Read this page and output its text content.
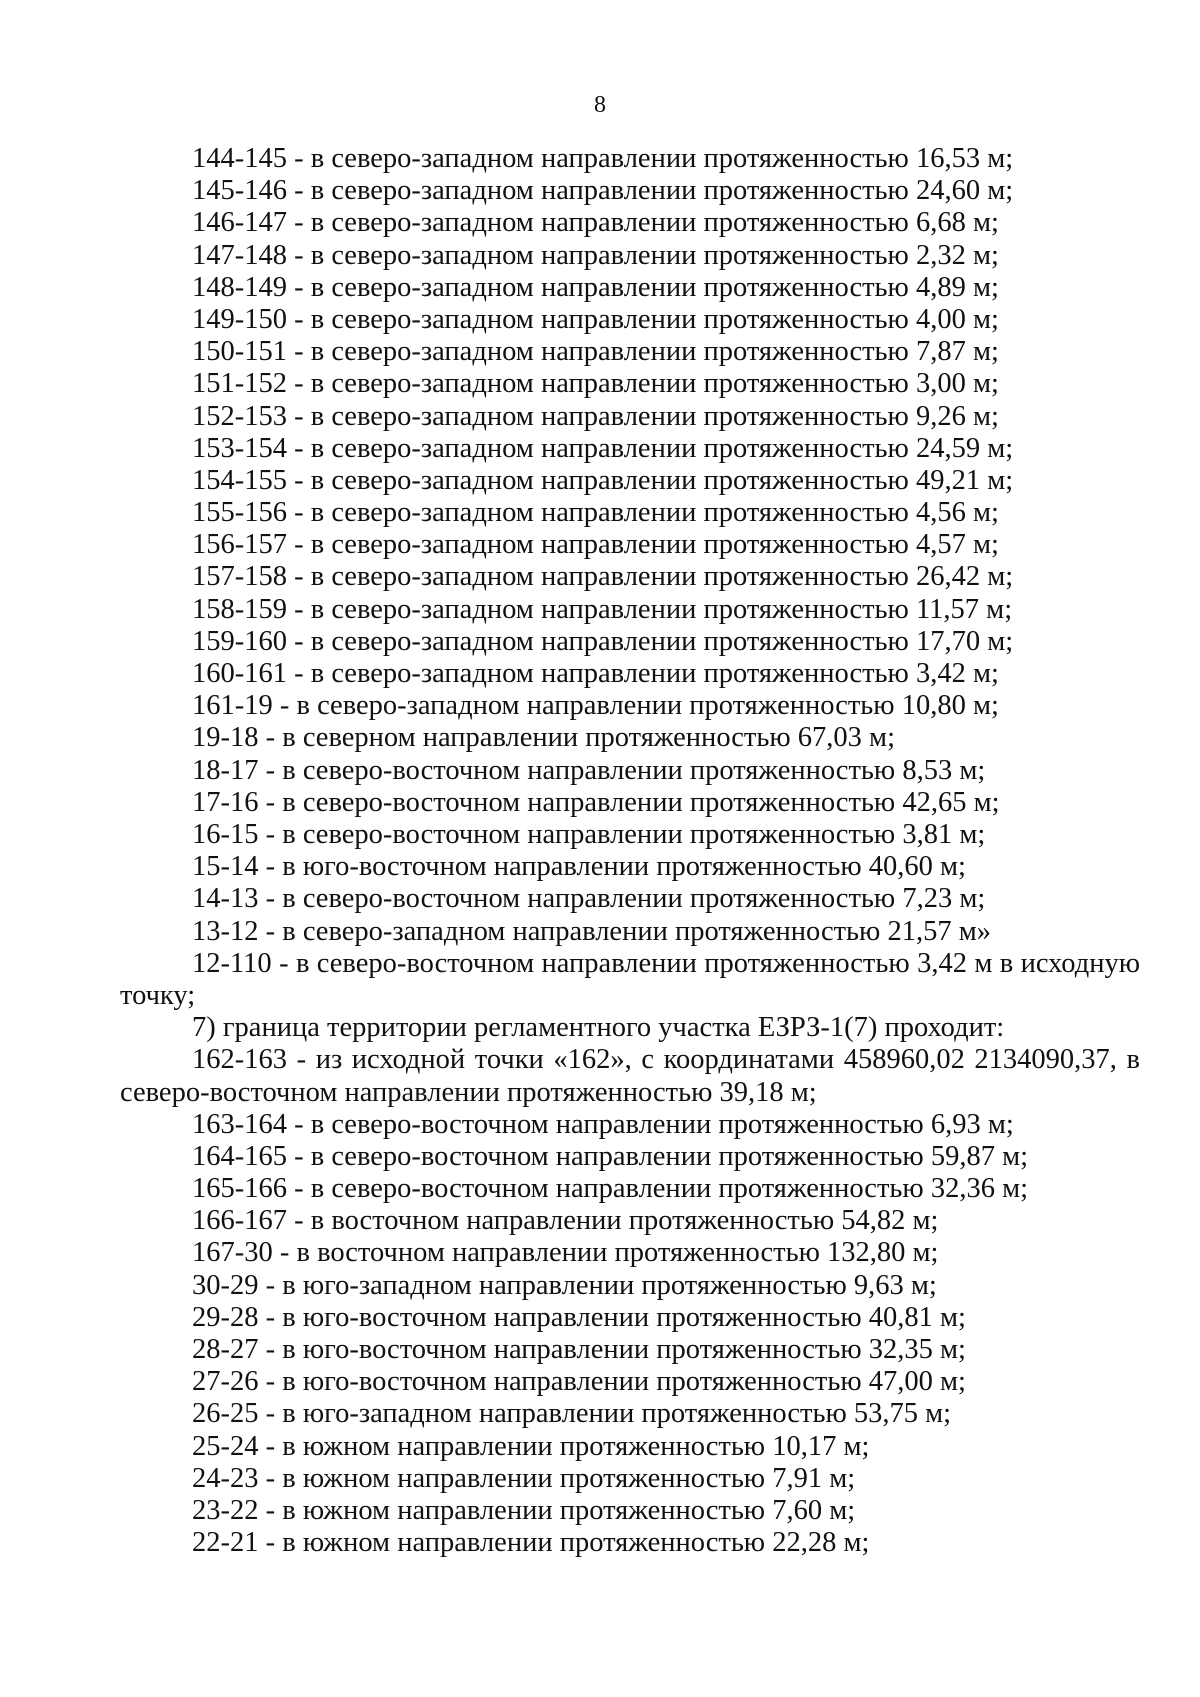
8
144-145 - в северо-западном направлении протяженностью 16,53 м;
145-146 - в северо-западном направлении протяженностью 24,60 м;
146-147 - в северо-западном направлении протяженностью 6,68 м;
147-148 - в северо-западном направлении протяженностью 2,32 м;
148-149 - в северо-западном направлении протяженностью 4,89 м;
149-150 - в северо-западном направлении протяженностью 4,00 м;
150-151 - в северо-западном направлении протяженностью 7,87 м;
151-152 - в северо-западном направлении протяженностью 3,00 м;
152-153 - в северо-западном направлении протяженностью 9,26 м;
153-154 - в северо-западном направлении протяженностью 24,59 м;
154-155 - в северо-западном направлении протяженностью 49,21 м;
155-156 - в северо-западном направлении протяженностью 4,56 м;
156-157 - в северо-западном направлении протяженностью 4,57 м;
157-158 - в северо-западном направлении протяженностью 26,42 м;
158-159 - в северо-западном направлении протяженностью 11,57 м;
159-160 - в северо-западном направлении протяженностью 17,70 м;
160-161 - в северо-западном направлении протяженностью 3,42 м;
161-19 - в северо-западном направлении протяженностью 10,80 м;
19-18 - в северном направлении протяженностью 67,03 м;
18-17 - в северо-восточном направлении протяженностью 8,53 м;
17-16 - в северо-восточном направлении протяженностью 42,65 м;
16-15 - в северо-восточном направлении протяженностью 3,81 м;
15-14 - в юго-восточном направлении протяженностью 40,60 м;
14-13 - в северо-восточном направлении протяженностью 7,23 м;
13-12 - в северо-западном направлении протяженностью 21,57 м»

12-110 - в северо-восточном направлении протяженностью 3,42 м в исходную точку;

7) граница территории регламентного участка ЕЗРЗ-1(7) проходит:

162-163 - из исходной точки «162», с координатами 458960,02 2134090,37, в северо-восточном направлении протяженностью 39,18 м;

163-164 - в северо-восточном направлении протяженностью 6,93 м;
164-165 - в северо-восточном направлении протяженностью 59,87 м;
165-166 - в северо-восточном направлении протяженностью 32,36 м;
166-167 - в восточном направлении протяженностью 54,82 м;
167-30 - в восточном направлении протяженностью 132,80 м;
30-29 - в юго-западном направлении протяженностью 9,63 м;
29-28 - в юго-восточном направлении протяженностью 40,81 м;
28-27 - в юго-восточном направлении протяженностью 32,35 м;
27-26 - в юго-восточном направлении протяженностью 47,00 м;
26-25 - в юго-западном направлении протяженностью 53,75 м;
25-24 - в южном направлении протяженностью 10,17 м;
24-23 - в южном направлении протяженностью 7,91 м;
23-22 - в южном направлении протяженностью 7,60 м;
22-21 - в южном направлении протяженностью 22,28 м;
